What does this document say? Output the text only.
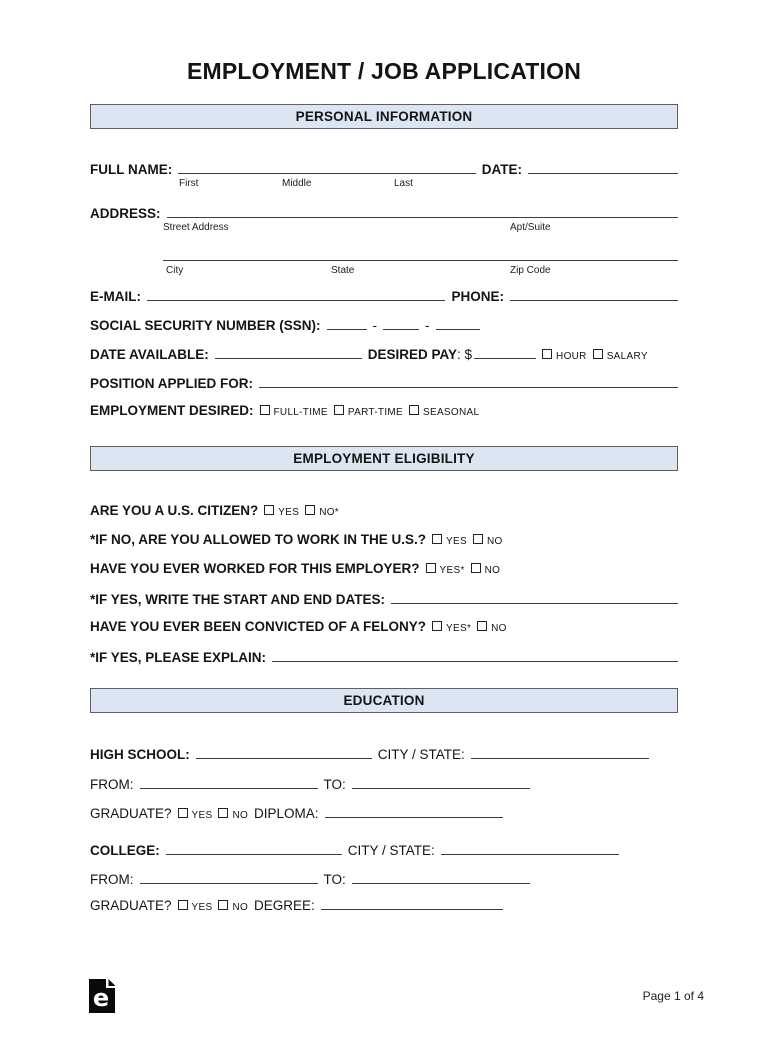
EMPLOYMENT / JOB APPLICATION
PERSONAL INFORMATION
FULL NAME:	DATE:
First	Middle	Last
ADDRESS:
Street Address	Apt/Suite
City	State	Zip Code
E-MAIL:	PHONE:
SOCIAL SECURITY NUMBER (SSN):	-	-
DATE AVAILABLE:	DESIRED PAY: $	HOUR SALARY
POSITION APPLIED FOR:
EMPLOYMENT DESIRED: FULL-TIME PART-TIME SEASONAL
EMPLOYMENT ELIGIBILITY
ARE YOU A U.S. CITIZEN? YES NO*
*IF NO, ARE YOU ALLOWED TO WORK IN THE U.S.? YES NO
HAVE YOU EVER WORKED FOR THIS EMPLOYER? YES* NO
*IF YES, WRITE THE START AND END DATES:
HAVE YOU EVER BEEN CONVICTED OF A FELONY? YES* NO
*IF YES, PLEASE EXPLAIN:
EDUCATION
HIGH SCHOOL:	CITY / STATE:
FROM:	TO:
GRADUATE? YES NO DIPLOMA:
COLLEGE:	CITY / STATE:
FROM:	TO:
GRADUATE? YES NO DEGREE:
e	Page 1 of 4
